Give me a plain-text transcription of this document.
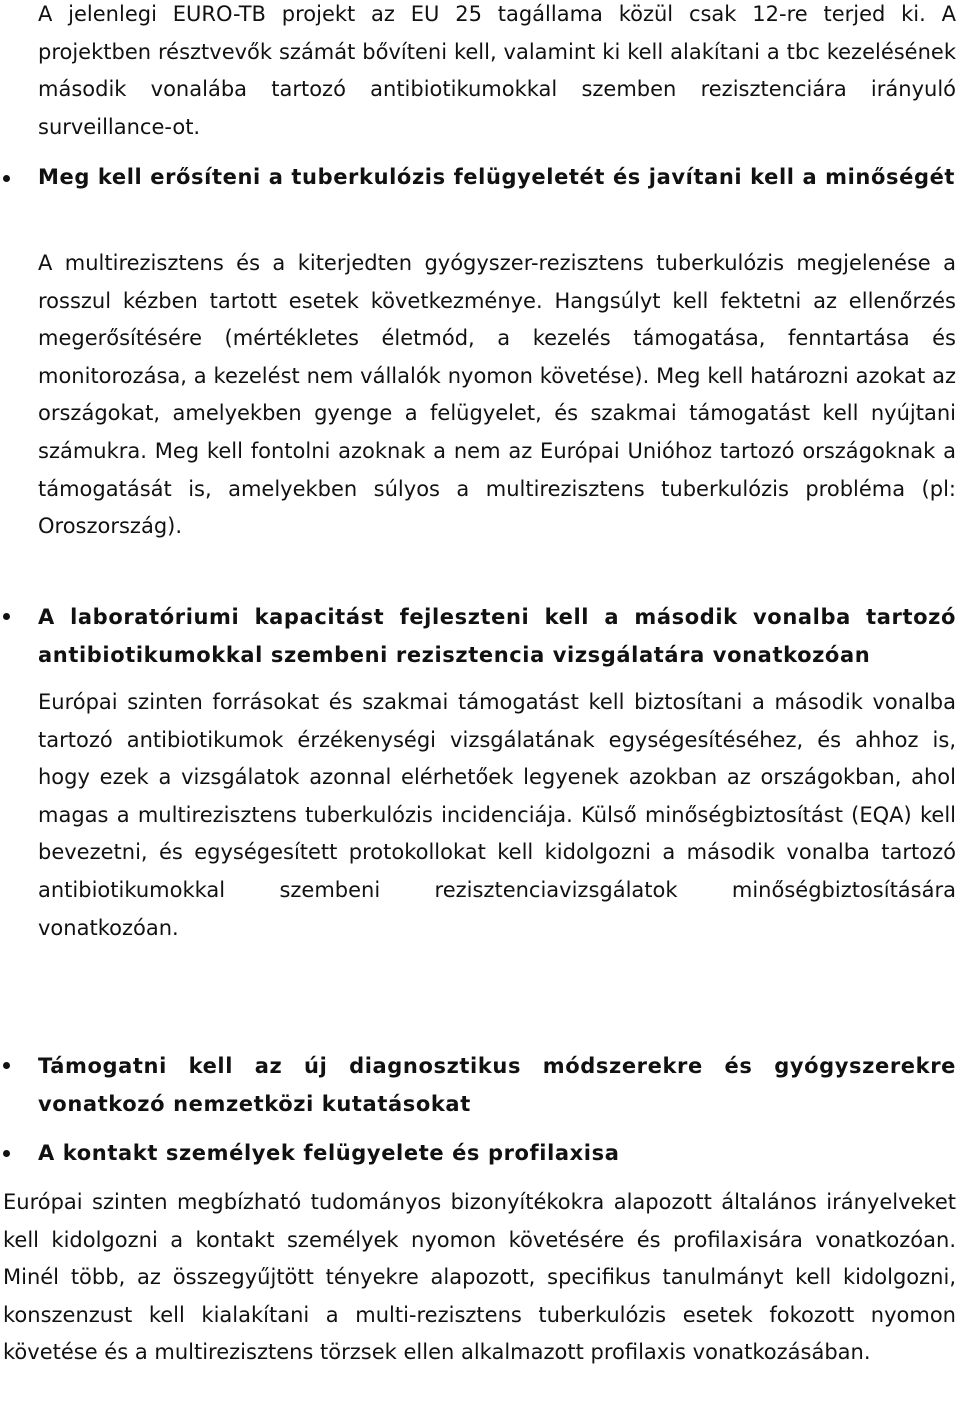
A jelenlegi EURO-TB projekt az EU 25 tagállama közül csak 12-re terjed ki. A projektben résztvevők számát bővíteni kell, valamint ki kell alakítani a tbc kezelésének második vonalába tartozó antibiotikumokkal szemben rezisztenciára irányuló surveillance-ot.

Meg kell erősíteni a tuberkulózis felügyeletét és javítani kell a minőségét

A multirezisztens és a kiterjedten gyógyszer-rezisztens tuberkulózis megjelenése a rosszul kézben tartott esetek következménye. Hangsúlyt kell fektetni az ellenőrzés megerősítésére (mértékletes életmód, a kezelés támogatása, fenntartása és monitorozása, a kezelést nem vállalók nyomon követése). Meg kell határozni azokat az országokat, amelyekben gyenge a felügyelet, és szakmai támogatást kell nyújtani számukra. Meg kell fontolni azoknak a nem az Európai Unióhoz tartozó országoknak a támogatását is, amelyekben súlyos a multirezisztens tuberkulózis probléma (pl: Oroszország).

A laboratóriumi kapacitást fejleszteni kell a második vonalba tartozó antibiotikumokkal szembeni rezisztencia vizsgálatára vonatkozóan

Európai szinten forrásokat és szakmai támogatást kell biztosítani a második vonalba tartozó antibiotikumok érzékenységi vizsgálatának egységesítéséhez, és ahhoz is, hogy ezek a vizsgálatok azonnal elérhetőek legyenek azokban az országokban, ahol magas a multirezisztens tuberkulózis incidenciája. Külső minőségbiztosítást (EQA) kell bevezetni, és egységesített protokollokat kell kidolgozni a második vonalba tartozó antibiotikumokkal szembeni rezisztenciavizsgálatok minőségbiztosítására vonatkozóan.

Támogatni kell az új diagnosztikus módszerekre és gyógyszerekre vonatkozó nemzetközi kutatásokat

A kontakt személyek felügyelete és profilaxisa

Európai szinten megbízható tudományos bizonyítékokra alapozott általános irányelveket kell kidolgozni a kontakt személyek nyomon követésére és profilaxisára vonatkozóan. Minél több, az összegyűjtött tényekre alapozott, specifikus tanulmányt kell kidolgozni, konszenzust kell kialakítani a multi-rezisztens tuberkulózis esetek fokozott nyomon követése és a multirezisztens törzsek ellen alkalmazott profilaxis vonatkozásában.
